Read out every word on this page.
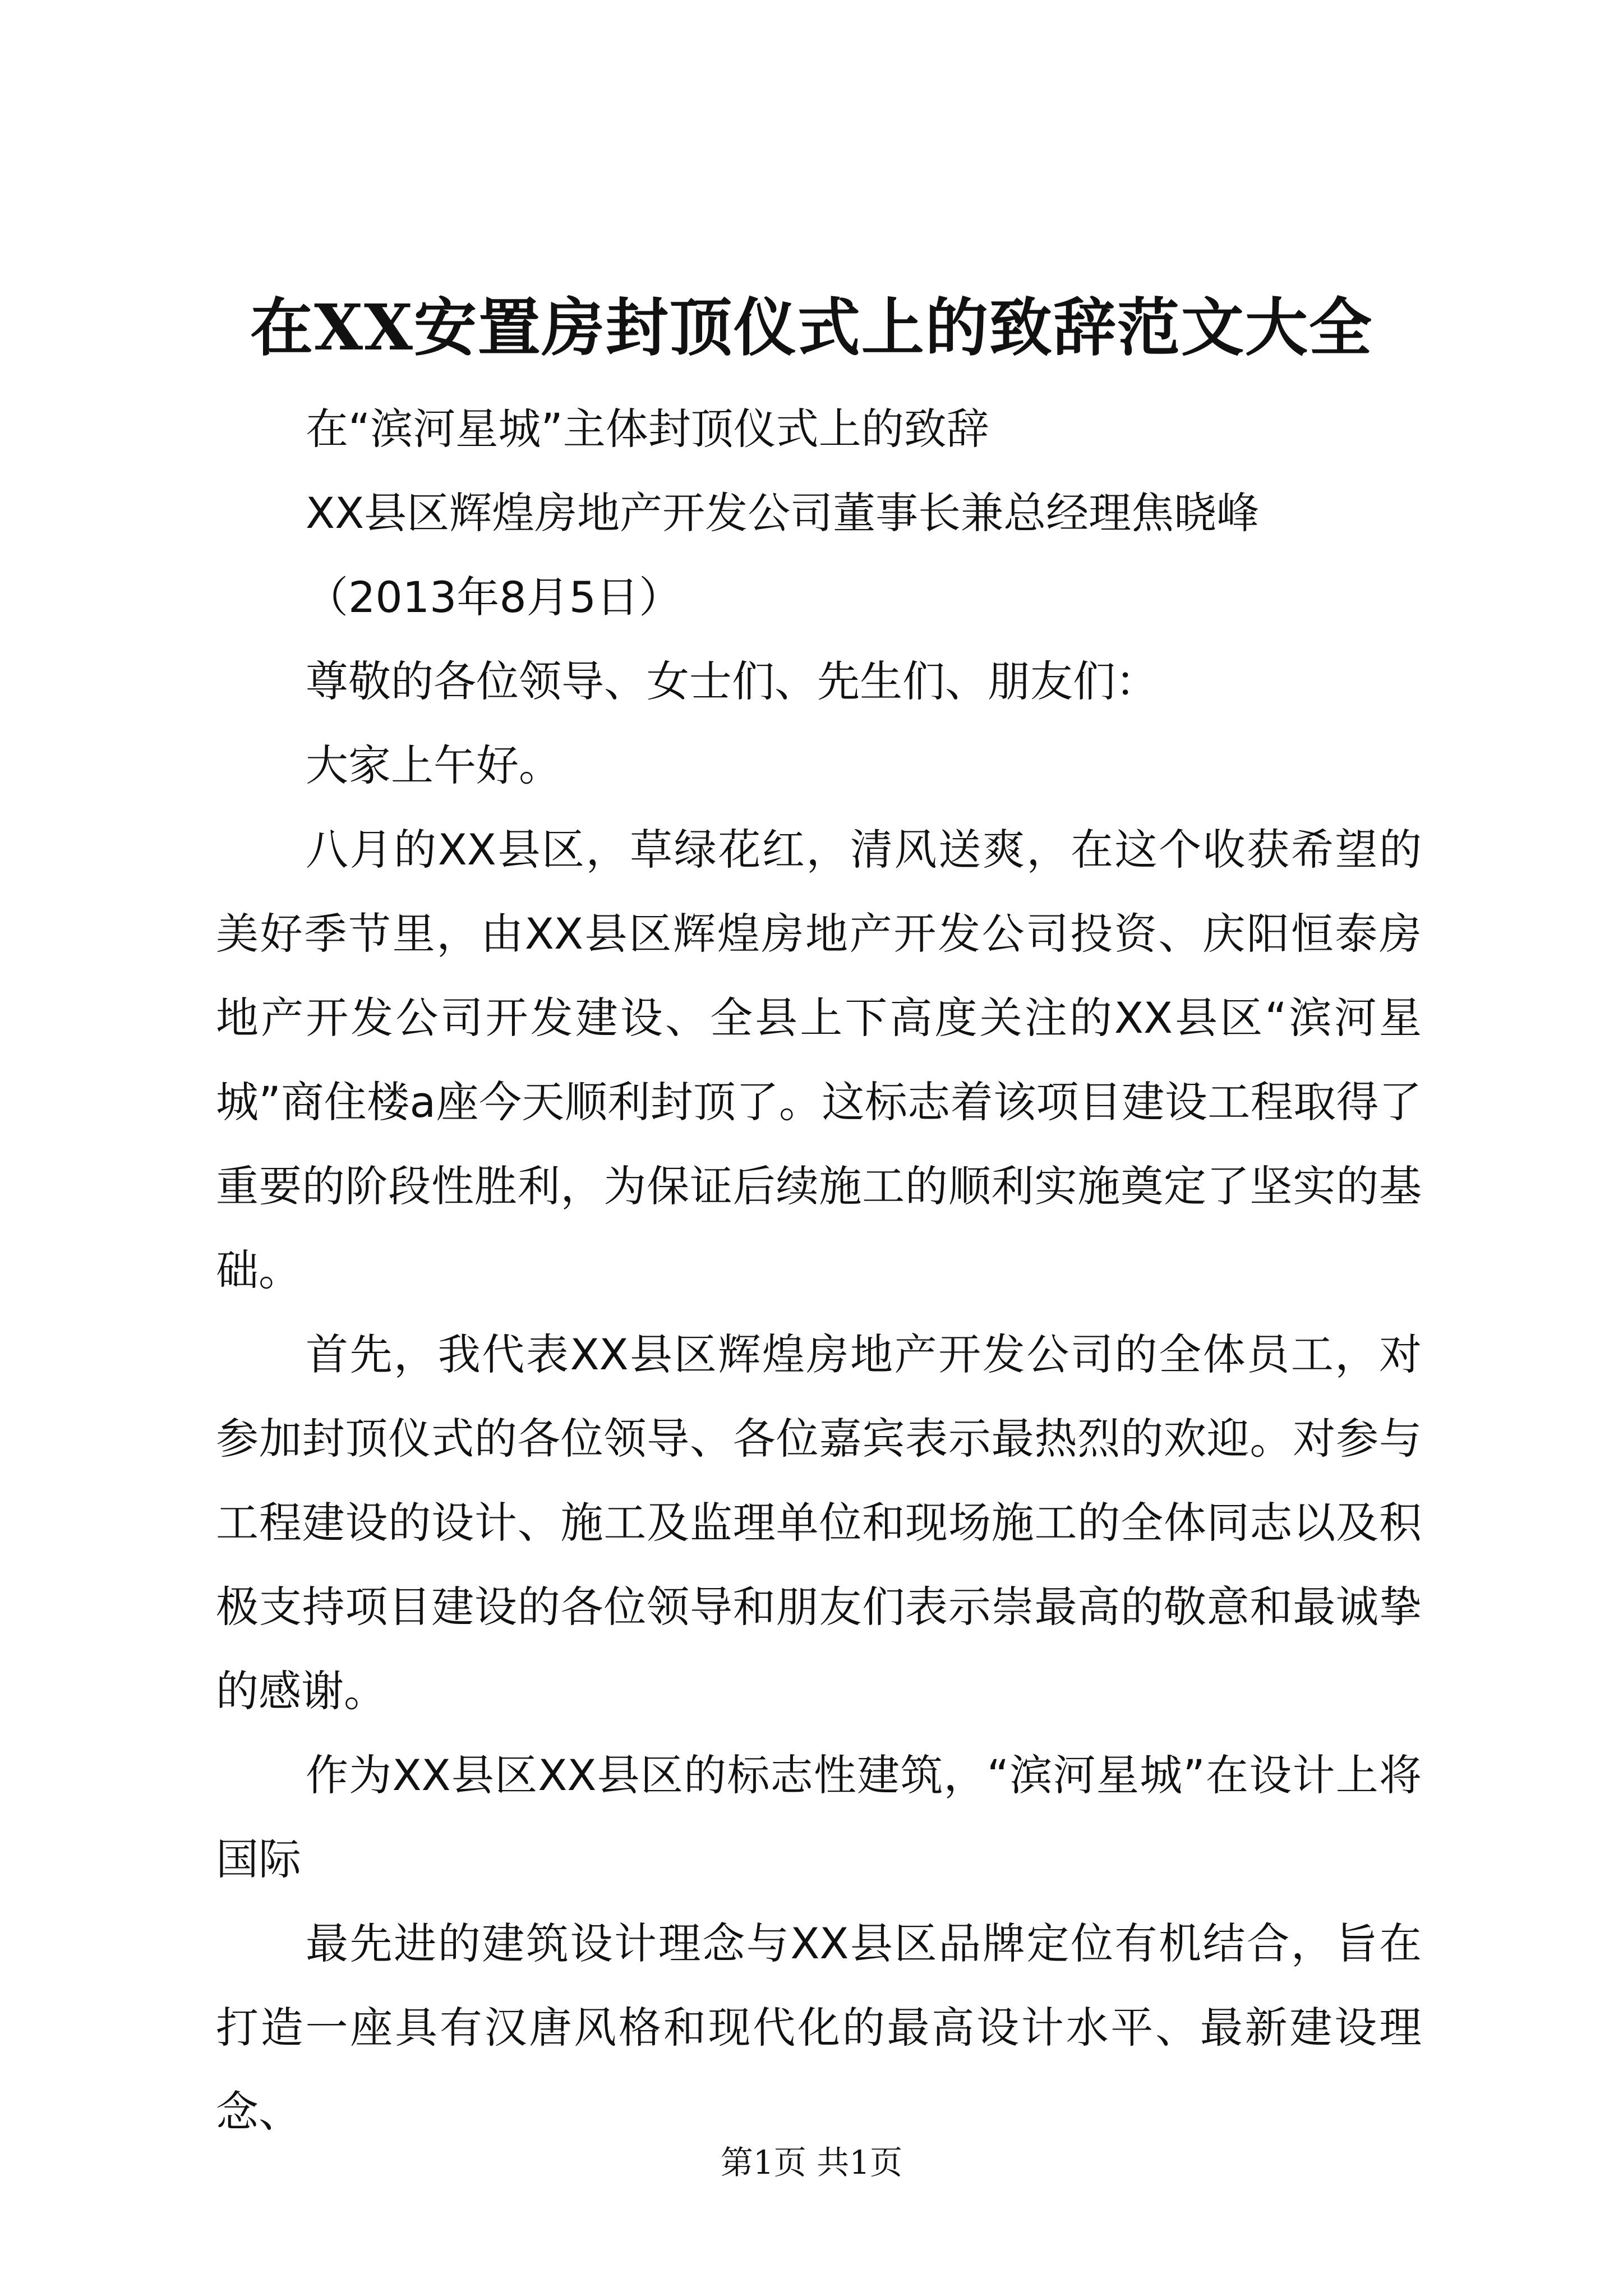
在XX安置房封顶仪式上的致辞范文大全
在“滨河星城”主体封顶仪式上的致辞
XX县区辉煌房地产开发公司董事长兼总经理焦晓峰
（2013年8月5日）
尊敬的各位领导、女士们、先生们、朋友们：
大家上午好。

八月的XX县区，草绿花红，清风送爽，在这个收获希望的美好季节里，由XX县区辉煌房地产开发公司投资、庆阳恒泰房地产开发公司开发建设、全县上下高度关注的XX县区“滨河星城”商住楼a座今天顺利封顶了。这标志着该项目建设工程取得了重要的阶段性胜利，为保证后续施工的顺利实施奠定了坚实的基础。

首先，我代表XX县区辉煌房地产开发公司的全体员工，对参加封顶仪式的各位领导、各位嘉宾表示最热烈的欢迎。对参与工程建设的设计、施工及监理单位和现场施工的全体同志以及积极支持项目建设的各位领导和朋友们表示崇最高的敬意和最诚挚的感谢。

作为XX县区XX县区的标志性建筑，“滨河星城”在设计上将国际

最先进的建筑设计理念与XX县区品牌定位有机结合，旨在打造一座具有汉唐风格和现代化的最高设计水平、最新建设理念、

第1页 共1页
